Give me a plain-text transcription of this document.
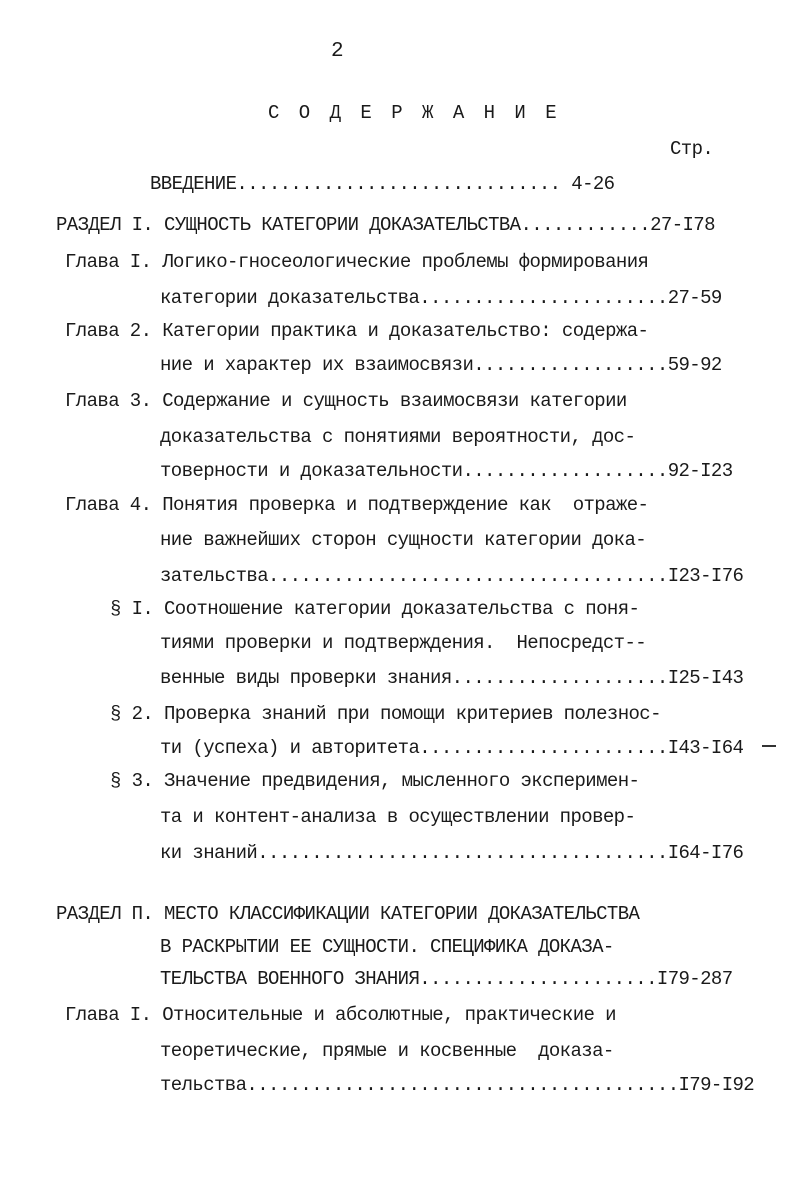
2
С О Д Е Р Ж А Н И Е
Стр.
ВВЕДЕНИЕ.............................. 4-26
РАЗДЕЛ I. СУЩНОСТЬ КАТЕГОРИИ ДОКАЗАТЕЛЬСТВА............27-I78
Глава I. Логико-гносеологические проблемы формирования
категории доказательства.......................27-59
Глава 2. Категории практика и доказательство: содержа-
ние и характер их взаимосвязи..................59-92
Глава 3. Содержание и сущность взаимосвязи категории
доказательства с понятиями вероятности, дос-
товерности и доказательности...................92-I23
Глава 4. Понятия проверка и подтверждение как  отраже-
ние важнейших сторон сущности категории дока-
зательства.....................................I23-I76
§ I. Соотношение категории доказательства с поня-
тиями проверки и подтверждения.  Непосредст--
венные виды проверки знания....................I25-I43
§ 2. Проверка знаний при помощи критериев полезнос-
ти (успеха) и авторитета.......................I43-I64
§ 3. Значение предвидения, мысленного эксперимен-
та и контент-анализа в осуществлении провер-
ки знаний......................................I64-I76
РАЗДЕЛ П. МЕСТО КЛАССИФИКАЦИИ КАТЕГОРИИ ДОКАЗАТЕЛЬСТВА
В РАСКРЫТИИ ЕЕ СУЩНОСТИ. СПЕЦИФИКА ДОКАЗА-
ТЕЛЬСТВА ВОЕННОГО ЗНАНИЯ......................I79-287
Глава I. Относительные и абсолютные, практические и
теоретические, прямые и косвенные  доказа-
тельства........................................I79-I92
